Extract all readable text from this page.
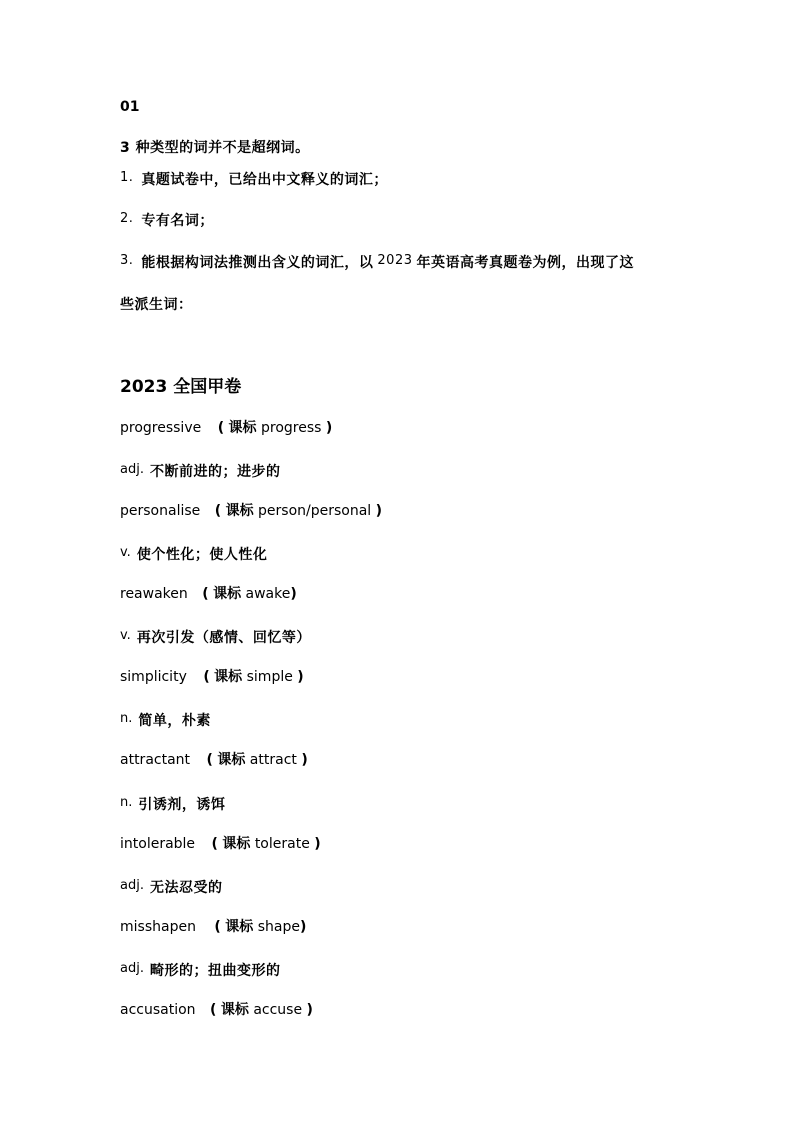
01
3 种类型的词并不是超纲词。
1. 真题试卷中，已给出中文释义的词汇；
2. 专有名词；
3. 能根据构词法推测出含义的词汇，以 2023 年英语高考真题卷为例，出现了这
些派生词：
2023 全国甲卷
progressive ( 课标 progress )
adj. 不断前进的；进步的
personalise ( 课标 person/personal )
v. 使个性化；使人性化
reawaken ( 课标 awake)
v. 再次引发（感情、回忆等）
simplicity ( 课标 simple )
n. 简单，朴素
attractant ( 课标 attract )
n. 引诱剂，诱饵
intolerable ( 课标 tolerate )
adj. 无法忍受的
misshapen ( 课标 shape)
adj. 畸形的；扭曲变形的
accusation ( 课标 accuse )
